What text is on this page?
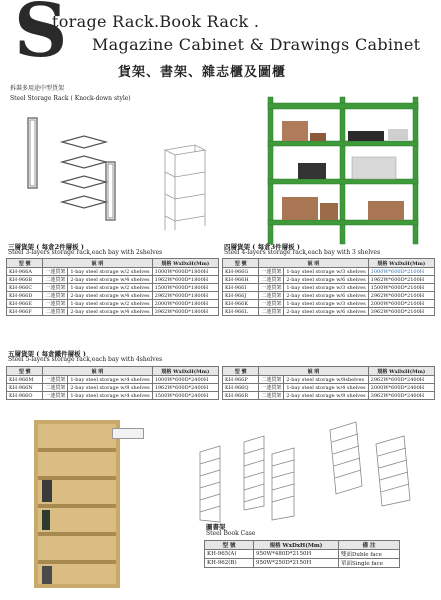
S
torage Rack.Book Rack .
Magazine Cabinet & Drawings Cabinet
貨架、書架、雜志櫃及圖櫃
拆裝多用途中型貨架
Steel Storage Rack ( Knock-down style)
三層貨架 ( 每倉2件層板 )
Steel 3-layers storage rack,each bay with 2shelves
型 號	說 明		規格 WxDxH(Mm)
KH-966A	一連貨架	1-bay steel storage w/2 shelves	1000W*600D*1800H
KH-966B	二連貨架	2-bay steel storage w/4 shelves	1962W*600D*1800H
KH-966C	一連貨架	1-bay steel storage w/2 shelves	1500W*600D*1800H
KH-966D	二連貨架	2-bay steel storage w/4 shelves	2962W*600D*1800H
KH-966E	一連貨架	1-bay steel storage w/2 shelves	2000W*600D*1800H
KH-966F	二連貨架	2-bay steel storage w/4 shelves	3962W*600D*1800H
四層貨架 ( 每倉3件層板 )
Steel 4-layers storage rack,each bay with 3 shelves
型 號	說 明		規格 WxDxH(Mm)
KH-966G	一連貨架	1-bay steel storage w/3 shelves	1000W*600D*2100H
KH-966H	二連貨架	2-bay steel storage w/6 shelves	1962W*600D*2100H
KH-966I	一連貨架	1-bay steel storage w/3 shelves	1500W*600D*2100H
KH-966J	二連貨架	2-bay steel storage w/6 shelves	2962W*600D*2100H
KH-966K	一連貨架	1-bay steel storage w/3 shelves	2000W*600D*2100H
KH-966L	二連貨架	2-bay steel storage w/6 shelves	3962W*600D*2100H
五層貨架 ( 每倉鐵件層板 )
Steel 5-layers storage rack,each bay with 4shelves
型 號	說 明		規格 WxDxH(Mm)
KH-966M	一連貨架	1-bay steel storage w/4 shelves	1000W*600D*2400H
KH-966N	二連貨架	2-bay steel storage w/8 shelves	1962W*600D*2400H
KH-966O	一連貨架	1-bay steel storage w/4 shelves	1500W*600D*2400H
型 號	說 明		規格 WxDxH(Mm)
KH-966P	二連貨架	2-bay steel storage w/8shelves	2962W*600D*2400H
KH-966Q	一連貨架	1-bay steel storage w/4 shelves	2000W*600D*2400H
KH-966R	二連貨架	2-bay steel storage w/8 shelves	3962W*600D*2400H
圖書架
Steel Book Case
型 號	規格 WxDxH(Mm)	備 注
KH-965(A)	950W*480D*2150H	雙面Duble face
KH-962(B)	950W*250D*2150H	單面Single face
